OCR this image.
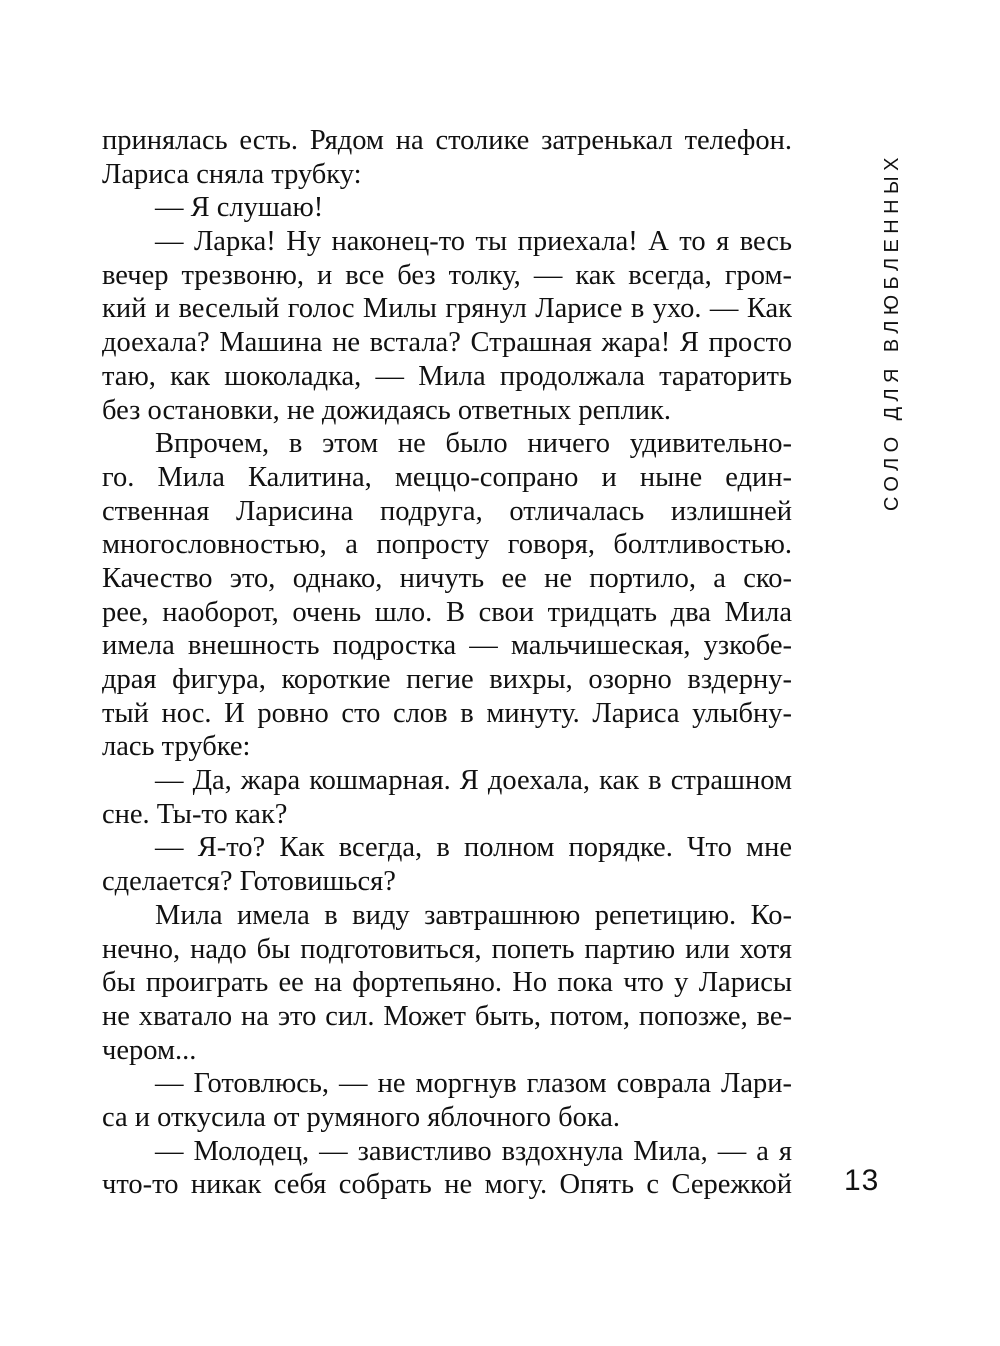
принялась есть. Рядом на столике затренькал телефон.
Лариса сняла трубку:
— Я слушаю!
— Ларка! Ну наконец-то ты приехала! А то я весь
вечер трезвоню, и все без толку, — как всегда, гром-
кий и веселый голос Милы грянул Ларисе в ухо. — Как
доехала? Машина не встала? Страшная жара! Я просто
таю, как шоколадка, — Мила продолжала тараторить
без остановки, не дожидаясь ответных реплик.
Впрочем, в этом не было ничего удивительно-
го. Мила Калитина, меццо-сопрано и ныне един-
ственная Ларисина подруга, отличалась излишней
многословностью, а попросту говоря, болтливостью.
Качество это, однако, ничуть ее не портило, а ско-
рее, наоборот, очень шло. В свои тридцать два Мила
имела внешность подростка — мальчишеская, узкобе-
драя фигура, короткие пегие вихры, озорно вздерну-
тый нос. И ровно сто слов в минуту. Лариса улыбну-
лась трубке:
— Да, жара кошмарная. Я доехала, как в страшном
сне. Ты-то как?
— Я-то? Как всегда, в полном порядке. Что мне
сделается? Готовишься?
Мила имела в виду завтрашнюю репетицию. Ко-
нечно, надо бы подготовиться, попеть партию или хотя
бы проиграть ее на фортепьяно. Но пока что у Ларисы
не хватало на это сил. Может быть, потом, попозже, ве-
чером...
— Готовлюсь, — не моргнув глазом соврала Лари-
са и откусила от румяного яблочного бока.
— Молодец, — завистливо вздохнула Мила, — а я
что-то никак себя собрать не могу. Опять с Сережкой
СОЛО ДЛЯ ВЛЮБЛЕННЫХ
13
